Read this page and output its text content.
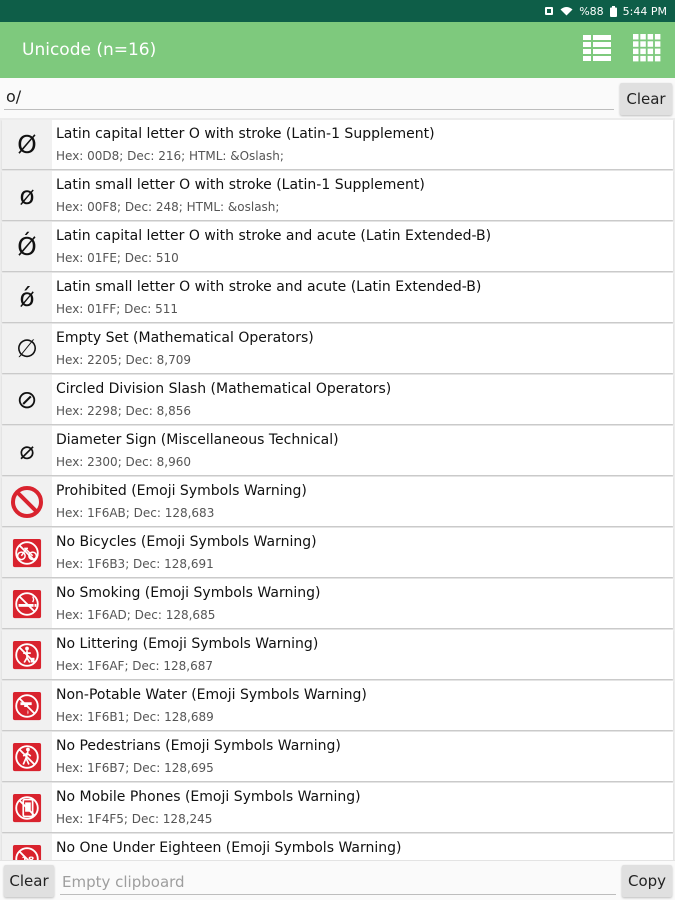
%88 5:44 PM
Unicode (n=16)
o/
Clear
Ø	Latin capital letter O with stroke (Latin-1 Supplement)
Hex: 00D8; Dec: 216; HTML: &Oslash;
ø	Latin small letter O with stroke (Latin-1 Supplement)
Hex: 00F8; Dec: 248; HTML: &oslash;
Ǿ	Latin capital letter O with stroke and acute (Latin Extended-B)
Hex: 01FE; Dec: 510
ǿ	Latin small letter O with stroke and acute (Latin Extended-B)
Hex: 01FF; Dec: 511
∅	Empty Set (Mathematical Operators)
Hex: 2205; Dec: 8,709
⊘	Circled Division Slash (Mathematical Operators)
Hex: 2298; Dec: 8,856
⌀	Diameter Sign (Miscellaneous Technical)
Hex: 2300; Dec: 8,960
Prohibited (Emoji Symbols Warning)
Hex: 1F6AB; Dec: 128,683
No Bicycles (Emoji Symbols Warning)
Hex: 1F6B3; Dec: 128,691
No Smoking (Emoji Symbols Warning)
Hex: 1F6AD; Dec: 128,685
No Littering (Emoji Symbols Warning)
Hex: 1F6AF; Dec: 128,687
Non-Potable Water (Emoji Symbols Warning)
Hex: 1F6B1; Dec: 128,689
No Pedestrians (Emoji Symbols Warning)
Hex: 1F6B7; Dec: 128,695
No Mobile Phones (Emoji Symbols Warning)
Hex: 1F4F5; Dec: 128,245
No One Under Eighteen (Emoji Symbols Warning)
Clear
Empty clipboard	Copy
